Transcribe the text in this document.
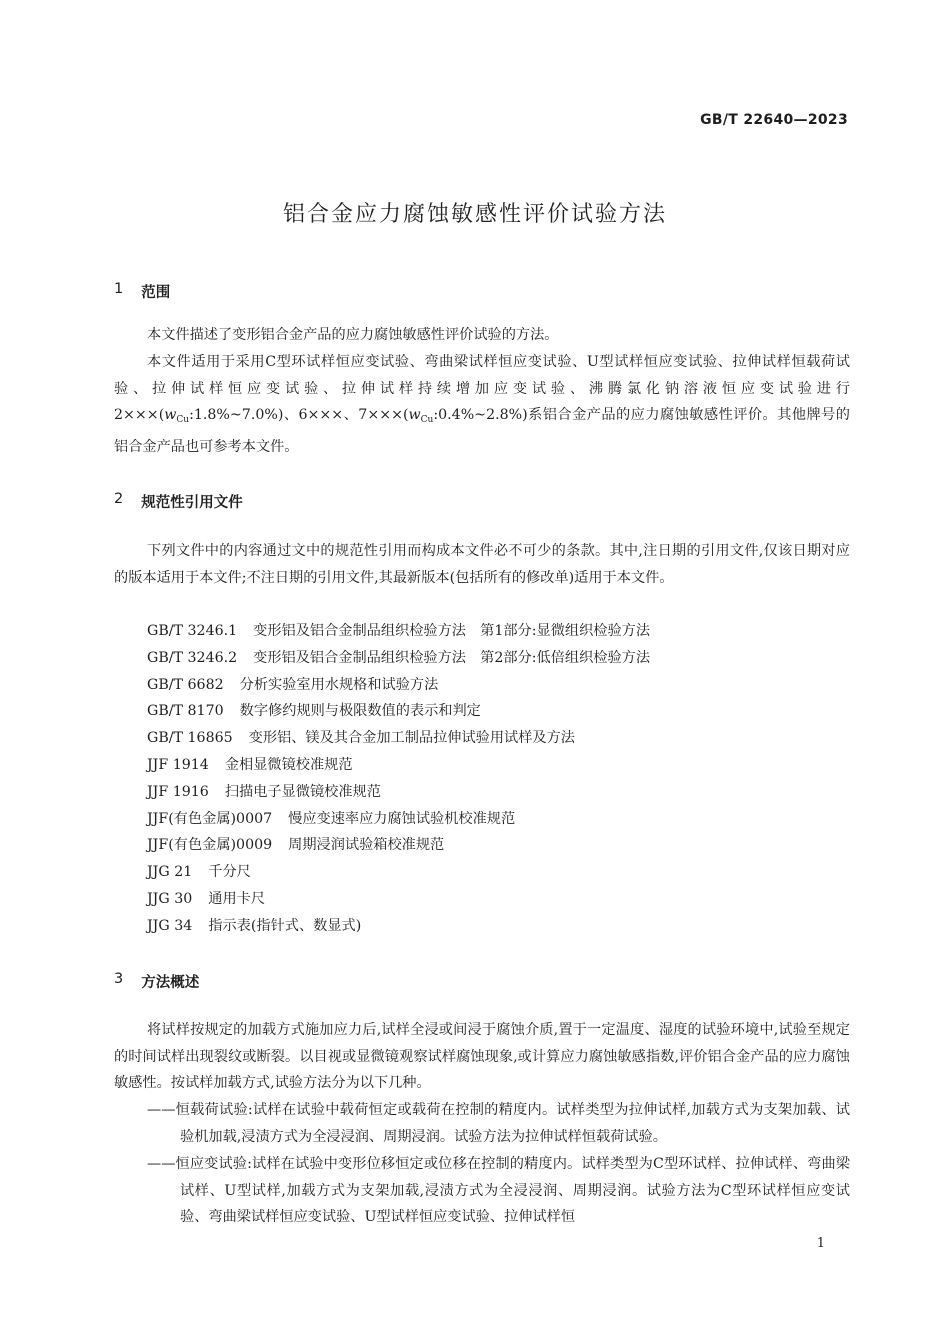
GB/T 22640—2023
铝合金应力腐蚀敏感性评价试验方法
1 范围

本文件描述了变形铝合金产品的应力腐蚀敏感性评价试验的方法。

本文件适用于采用C型环试样恒应变试验、弯曲梁试样恒应变试验、U型试样恒应变试验、拉伸试样恒载荷试验、拉伸试样恒应变试验、拉伸试样持续增加应变试验、沸腾氯化钠溶液恒应变试验进行$2\times\times\times(w_{Cu}:1.8\%\sim 7.0\%)$、6×××、$7\times\times\times(w_{Cu}:0.4\%\sim 2.8\%)$系铝合金产品的应力腐蚀敏感性评价。其他牌号的铝合金产品也可参考本文件。

2 规范性引用文件

下列文件中的内容通过文中的规范性引用而构成本文件必不可少的条款。其中,注日期的引用文件,仅该日期对应的版本适用于本文件;不注日期的引用文件,其最新版本(包括所有的修改单)适用于本文件。

GB/T 3246.1 变形铝及铝合金制品组织检验方法　第1部分:显微组织检验方法
GB/T 3246.2 变形铝及铝合金制品组织检验方法　第2部分:低倍组织检验方法
GB/T 6682 分析实验室用水规格和试验方法
GB/T 8170 数字修约规则与极限数值的表示和判定
GB/T 16865 变形铝、镁及其合金加工制品拉伸试验用试样及方法
JJF 1914 金相显微镜校准规范
JJF 1916 扫描电子显微镜校准规范
JJF(有色金属)0007 慢应变速率应力腐蚀试验机校准规范
JJF(有色金属)0009 周期浸润试验箱校准规范
JJG 21 千分尺
JJG 30 通用卡尺
JJG 34 指示表(指针式、数显式)
3 方法概述

将试样按规定的加载方式施加应力后,试样全浸或间浸于腐蚀介质,置于一定温度、湿度的试验环境中,试验至规定的时间试样出现裂纹或断裂。以目视或显微镜观察试样腐蚀现象,或计算应力腐蚀敏感指数,评价铝合金产品的应力腐蚀敏感性。按试样加载方式,试验方法分为以下几种。

——恒载荷试验:试样在试验中载荷恒定或载荷在控制的精度内。试样类型为拉伸试样,加载方式为支架加载、试验机加载,浸渍方式为全浸浸润、周期浸润。试验方法为拉伸试样恒载荷试验。

——恒应变试验:试样在试验中变形位移恒定或位移在控制的精度内。试样类型为C型环试样、拉伸试样、弯曲梁试样、U型试样,加载方式为支架加载,浸渍方式为全浸浸润、周期浸润。试验方法为C型环试样恒应变试验、弯曲梁试样恒应变试验、U型试样恒应变试验、拉伸试样恒

1
